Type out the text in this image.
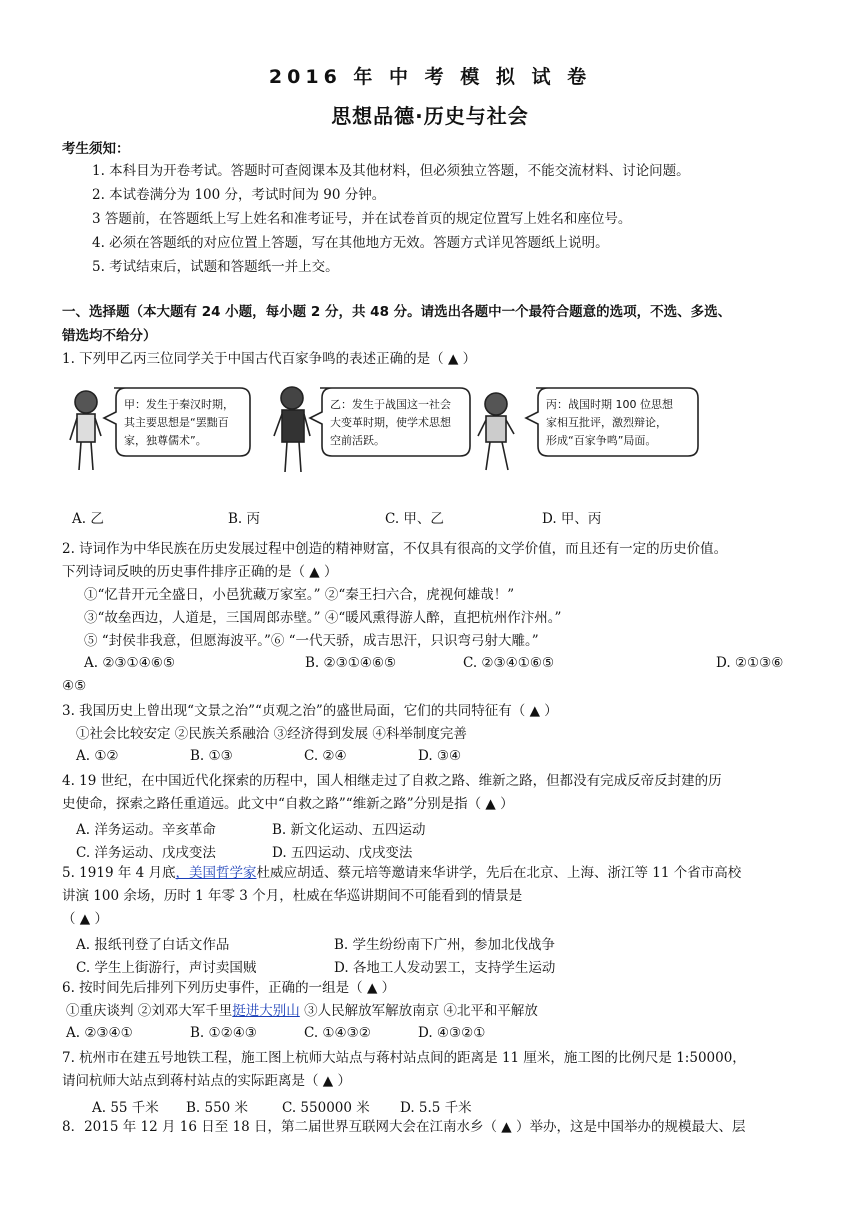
2016 年 中 考 模 拟 试 卷
思想品德·历史与社会
考生须知：
1. 本科目为开卷考试。答题时可查阅课本及其他材料，但必须独立答题，不能交流材料、讨论问题。
2. 本试卷满分为 100 分，考试时间为 90 分钟。
3 答题前，在答题纸上写上姓名和准考证号，并在试卷首页的规定位置写上姓名和座位号。
4. 必须在答题纸的对应位置上答题，写在其他地方无效。答题方式详见答题纸上说明。
5. 考试结束后，试题和答题纸一并上交。
一、选择题（本大题有 24 小题，每小题 2 分，共 48 分。请选出各题中一个最符合题意的选项，不选、多选、
错选均不给分）
1. 下列甲乙丙三位同学关于中国古代百家争鸣的表述正确的是（ ▲ ）
甲：发生于秦汉时期，
其主要思想是“罢黜百
家，独尊儒术”。
乙：发生于战国这一社会
大变革时期，使学术思想
空前活跃。
丙：战国时期 100 位思想
家相互批评，激烈辩论，
形成“百家争鸣”局面。
A. 乙	B. 丙	C. 甲、乙	D. 甲、丙
2. 诗词作为中华民族在历史发展过程中创造的精神财富，不仅具有很高的文学价值，而且还有一定的历史价值。
下列诗词反映的历史事件排序正确的是（ ▲ ）
①“忆昔开元全盛日，小邑犹藏万家室。” ②“秦王扫六合，虎视何雄哉！”
③“故垒西边，人道是，三国周郎赤壁。” ④“暖风熏得游人醉，直把杭州作汴州。”
⑤ “封侯非我意，但愿海波平。”⑥ “一代天骄，成吉思汗，只识弯弓射大雕。”
A. ②③①④⑥⑤	B. ②③①④⑥⑤	C. ②③④①⑥⑤	D. ②①③⑥
④⑤
3. 我国历史上曾出现“文景之治”“贞观之治”的盛世局面，它们的共同特征有（ ▲ ）
①社会比较安定 ②民族关系融洽 ③经济得到发展 ④科举制度完善
A. ①②	B. ①③	C. ②④	D. ③④
4. 19 世纪，在中国近代化探索的历程中，国人相继走过了自救之路、维新之路，但都没有完成反帝反封建的历
史使命，探索之路任重道远。此文中“自救之路”“维新之路”分别是指（ ▲ ）
A. 洋务运动。辛亥革命	B. 新文化运动、五四运动
C. 洋务运动、戊戌变法	D. 五四运动、戊戌变法
5. 1919 年 4 月底，美国哲学家杜威应胡适、蔡元培等邀请来华讲学，先后在北京、上海、浙江等 11 个省市高校
讲演 100 余场，历时 1 年零 3 个月，杜威在华巡讲期间不可能看到的情景是
（ ▲ ）
A. 报纸刊登了白话文作品	B. 学生纷纷南下广州，参加北伐战争
C. 学生上街游行，声讨卖国贼	D. 各地工人发动罢工，支持学生运动
6. 按时间先后排列下列历史事件，正确的一组是（ ▲ ）
①重庆谈判 ②刘邓大军千里挺进大别山 ③人民解放军解放南京 ④北平和平解放
A. ②③④①	B. ①②④③	C. ①④③②	D. ④③②①
7. 杭州市在建五号地铁工程，施工图上杭师大站点与蒋村站点间的距离是 11 厘米，施工图的比例尺是 1:50000，
请问杭师大站点到蒋村站点的实际距离是（ ▲ ）
A. 55 千米 B. 550 米	C. 550000 米 D. 5.5 千米
8．2015 年 12 月 16 日至 18 日，第二届世界互联网大会在江南水乡（ ▲ ）举办，这是中国举办的规模最大、层
